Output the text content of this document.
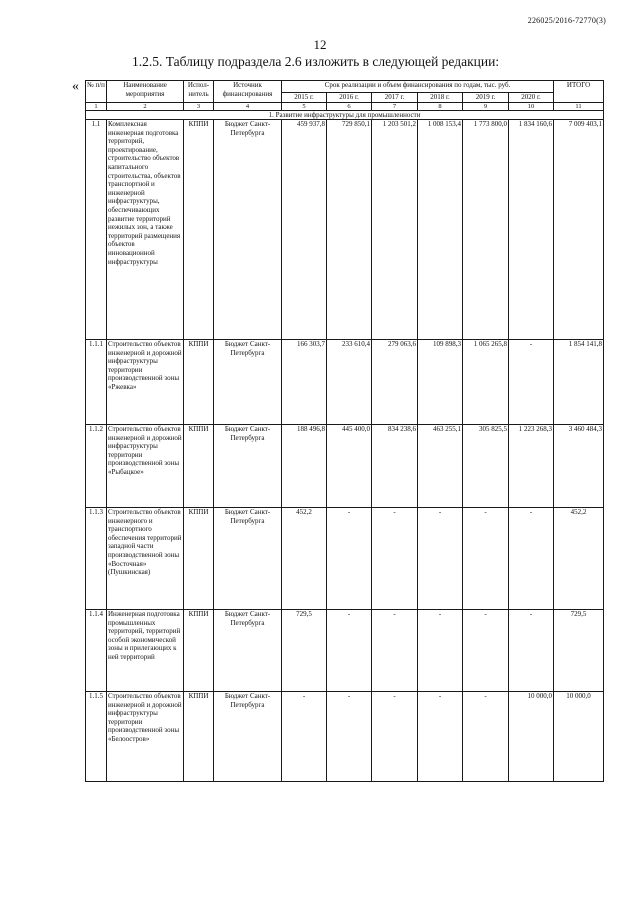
226025/2016-72770(3)
12
1.2.5. Таблицу подраздела 2.6 изложить в следующей редакции:
« № п/п	Наименование мероприятия	Испол- нитель	Источник финансирования	Срок реализации и объем финансирования по годам, тыс. руб.						ИТОГО
				2015 г.	2016 г.	2017 г.	2018 г.	2019 г.	2020 г.	
1	2	3	4	5	6	7	8	9	10	11
1. Развитие инфраструктуры для промышленности										
1.1	Комплексная инженерная подготовка территорий, проектирование, строительство объектов капитального строительства, объектов транспортной и инженерной инфраструктуры, обеспечивающих развитие территорий нежилых зон, а также территорий размещения объектов инновационной инфраструктуры	КППИ	Бюджет Санкт-Петербурга	459 937,8	729 850,1	1 203 501,2	1 008 153,4	1 773 800,0	1 834 160,6	7 009 403,1
1.1.1	Строительство объектов инженерной и дорожной инфраструктуры территории производственной зоны «Ржевка»	КППИ	Бюджет Санкт-Петербурга	166 303,7	233 610,4	279 063,6	109 898,3	1 065 265,8	-	1 854 141,8
1.1.2	Строительство объектов инженерной и дорожной инфраструктуры территории производственной зоны «Рыбацкое»	КППИ	Бюджет Санкт-Петербурга	188 496,8	445 400,0	834 238,6	463 255,1	305 825,5	1 223 268,3	3 460 484,3
1.1.3	Строительство объектов инженерного и транспортного обеспечения территорий западной части производственной зоны «Восточная» (Пушкинская)	КППИ	Бюджет Санкт-Петербурга	452,2	-	-	-	-	-	452,2
1.1.4	Инженерная подготовка промышленных территорий, территорий особой экономической зоны и прилегающих к ней территорий	КППИ	Бюджет Санкт-Петербурга	729,5	-	-	-	-	-	729,5
1.1.5	Строительство объектов инженерной и дорожной инфраструктуры территории производственной зоны «Белоостров»	КППИ	Бюджет Санкт-Петербурга	-	-	-	-	-	10 000,0	10 000,0
